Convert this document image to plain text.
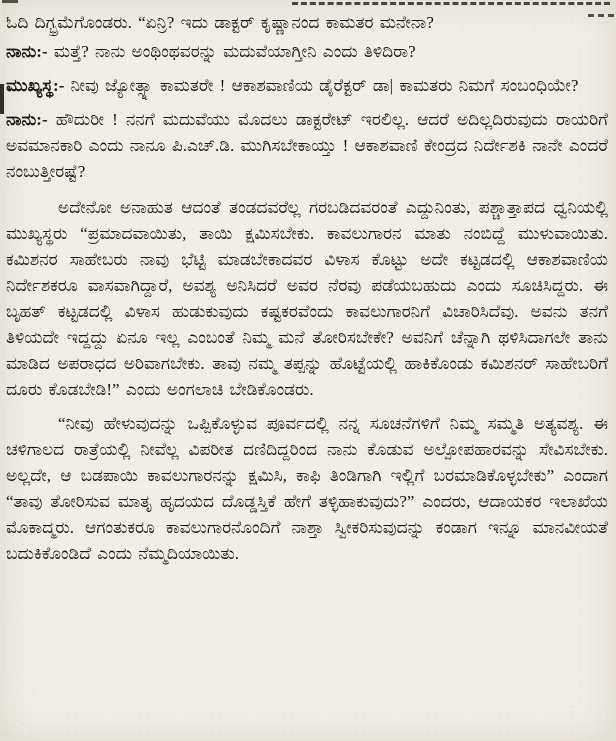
ಓದಿ ದಿಗ್ಭ್ರಮೆಗೊಂಡರು. “ಏನ್ರಿ? ಇದು ಡಾಕ್ಟರ್ ಕೃಷ್ಣಾನಂದ ಕಾಮತರ ಮನೇನಾ?

ನಾನು:- ಮತ್ತೆ? ನಾನು ಅಂಥಿಂಥವರನ್ನು ಮದುವೆಯಾಗ್ತೀನಿ ಎಂದು ತಿಳಿದಿರಾ?

ಮುಖ್ಯಸ್ಥ:- ನೀವು ಜ್ಯೋತ್ಸ್ನಾ ಕಾಮತರೇ ! ಆಕಾಶವಾಣಿಯ ಡೈರೆಕ್ಟರ್ ಡಾ| ಕಾಮತರು ನಿಮಗೆ ಸಂಬಂಧಿಯೇ?

ನಾನು:- ಹೌದುರೀ ! ನನಗೆ ಮದುವೆಯು ಮೊದಲು ಡಾಕ್ಟರೇಟ್ ಇರಲಿಲ್ಲ. ಆದರೆ ಅದಿಲ್ಲದಿರುವುದು ರಾಯರಿಗೆ ಅವಮಾನಕಾರಿ ಎಂದು ನಾನೂ ಪಿ.ಎಚ್.ಡಿ. ಮುಗಿಸಬೇಕಾಯ್ತು ! ಆಕಾಶವಾಣಿ ಕೇಂದ್ರದ ನಿರ್ದೇಶಕಿ ನಾನೇ ಎಂದರೆ ನಂಬುತ್ತೀರಷ್ಟೆ?

ಅದೇನೋ ಅನಾಹುತ ಆದಂತೆ ತಂಡದವರೆಲ್ಲ ಗರಬಡಿದವರಂತೆ ಎದ್ದುನಿಂತು, ಪಶ್ಚಾತ್ತಾಪದ ಧ್ವನಿಯಲ್ಲಿ ಮುಖ್ಯಸ್ಥರು “ಪ್ರಮಾದವಾಯಿತು, ತಾಯಿ ಕ್ಷಮಿಸಬೇಕು. ಕಾವಲುಗಾರನ ಮಾತು ನಂಬಿದ್ದೆ ಮುಳುವಾಯಿತು. ಕಮಿಶನರ ಸಾಹೇಬರು ನಾವು ಭೆಟ್ಟಿ ಮಾಡಬೇಕಾದವರ ವಿಳಾಸ ಕೊಟ್ಟು ಅದೇ ಕಟ್ಟಡದಲ್ಲಿ ಆಕಾಶವಾಣಿಯ ನಿರ್ದೇಶಕರೂ ವಾಸವಾಗಿದ್ದಾರೆ, ಅವಶ್ಯ ಅನಿಸಿದರೆ ಅವರ ನೆರವು ಪಡೆಯಬಹುದು ಎಂದು ಸೂಚಿಸಿದ್ದರು. ಈ ಬೃಹತ್ ಕಟ್ಟಡದಲ್ಲಿ ವಿಳಾಸ ಹುಡುಕುವುದು ಕಷ್ಟಕರವೆಂದು ಕಾವಲುಗಾರನಿಗೆ ವಿಚಾರಿಸಿದೆವು. ಅವನು ತನಗೆ ತಿಳಿಯದೇ ಇದ್ದದ್ದು ಏನೂ ಇಲ್ಲ ಎಂಬಂತೆ ನಿಮ್ಮ ಮನೆ ತೋರಿಸಬೇಕೇ? ಅವನಿಗೆ ಚೆನ್ನಾಗಿ ಥಳಿಸಿದಾಗಲೇ ತಾನು ಮಾಡಿದ ಅಪರಾಧದ ಅರಿವಾಗಬೇಕು. ತಾವು ನಮ್ಮ ತಪ್ಪನ್ನು ಹೊಟ್ಟೆಯಲ್ಲಿ ಹಾಕಿಕೊಂಡು ಕಮಿಶನರ್ ಸಾಹೇಬರಿಗೆ ದೂರು ಕೊಡಬೇಡಿ!” ಎಂದು ಅಂಗಲಾಚಿ ಬೇಡಿಕೊಂಡರು.

“ನೀವು ಹೇಳುವುದನ್ನು ಒಪ್ಪಿಕೊಳ್ಳುವ ಪೂರ್ವದಲ್ಲಿ ನನ್ನ ಸೂಚನೆಗಳಿಗೆ ನಿಮ್ಮ ಸಮ್ಮತಿ ಅತ್ಯವಶ್ಯ. ಈ ಚಳಿಗಾಲದ ರಾತ್ರೆಯಲ್ಲಿ ನೀವೆಲ್ಲ ವಿಪರೀತ ದಣಿದಿದ್ದರಿಂದ ನಾನು ಕೊಡುವ ಅಲ್ಪೋಪಹಾರವನ್ನು ಸೇವಿಸಬೇಕು. ಅಲ್ಲದೇ, ಆ ಬಡಪಾಯಿ ಕಾವಲುಗಾರನನ್ನು ಕ್ಷಮಿಸಿ, ಕಾಫಿ ತಿಂಡಿಗಾಗಿ ಇಲ್ಲಿಗೆ ಬರಮಾಡಿಕೊಳ್ಳಬೇಕು” ಎಂದಾಗ “ತಾವು ತೋರಿಸುವ ಮಾತೃ ಹೃದಯದ ದೊಡ್ಡಸ್ತಿಕೆ ಹೇಗೆ ತಳ್ಳಿಹಾಕುವುದು?” ಎಂದರು, ಆದಾಯಕರ ಇಲಾಖೆಯ ಮೊಕಾದ್ಮರು. ಆಗಂತುಕರೂ ಕಾವಲುಗಾರನೊಂದಿಗೆ ನಾಶ್ತಾ ಸ್ವೀಕರಿಸುವುದನ್ನು ಕಂಡಾಗ ಇನ್ನೂ ಮಾನವೀಯತೆ ಬದುಕಿಕೊಂಡಿದೆ ಎಂದು ನೆಮ್ಮದಿಯಾಯಿತು.
